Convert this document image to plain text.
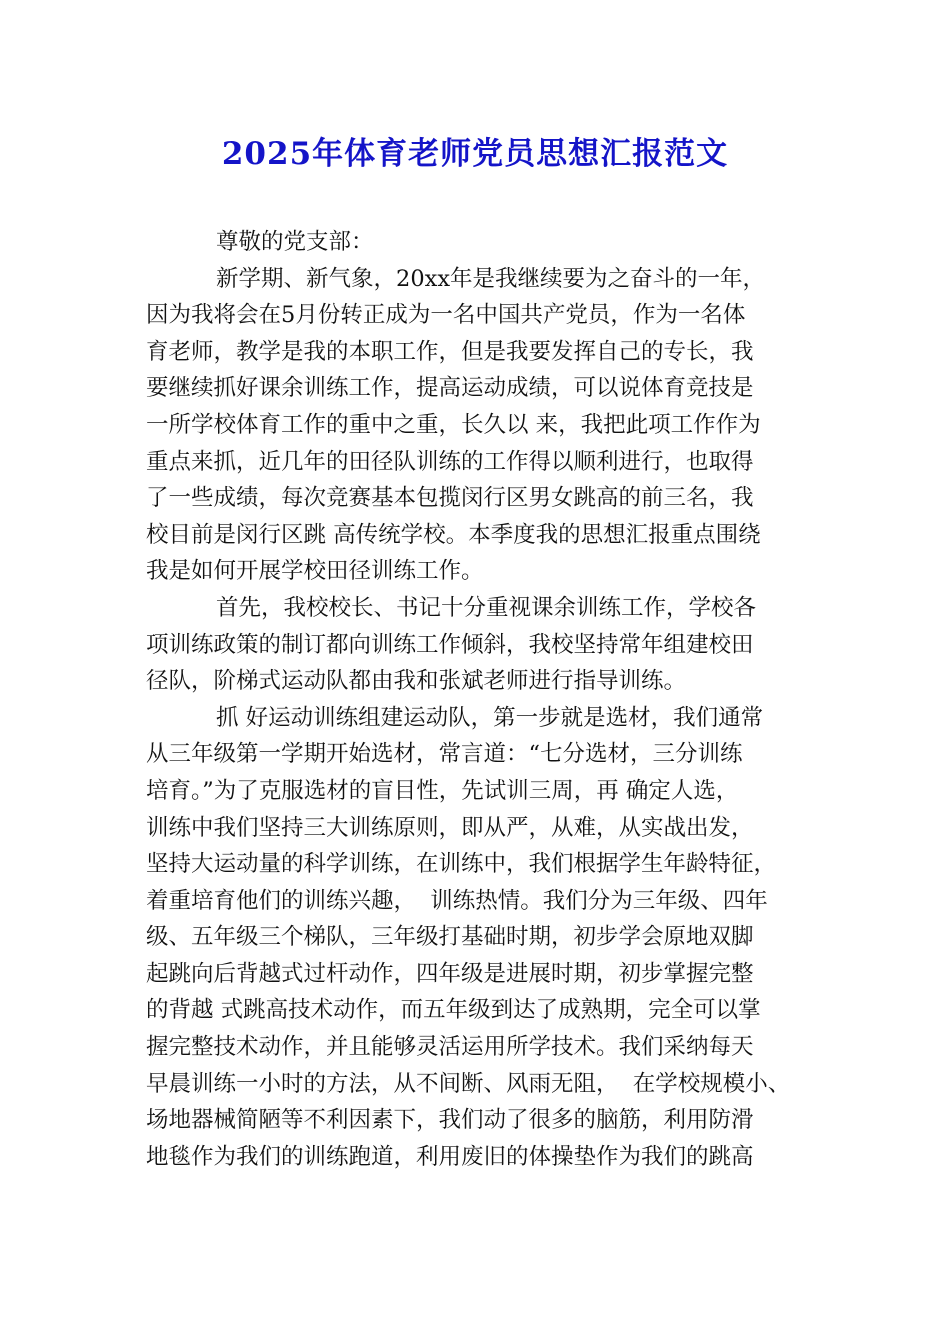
2025年体育老师党员思想汇报范文
尊敬的党支部：
新学期、新气象，20xx年是我继续要为之奋斗的一年，
因为我将会在5月份转正成为一名中国共产党员，作为一名体
育老师，教学是我的本职工作，但是我要发挥自己的专长，我
要继续抓好课余训练工作，提高运动成绩，可以说体育竞技是
一所学校体育工作的重中之重，长久以 来，我把此项工作作为
重点来抓，近几年的田径队训练的工作得以顺利进行，也取得
了一些成绩，每次竞赛基本包揽闵行区男女跳高的前三名，我
校目前是闵行区跳 高传统学校。本季度我的思想汇报重点围绕
我是如何开展学校田径训练工作。
首先，我校校长、书记十分重视课余训练工作，学校各
项训练政策的制订都向训练工作倾斜，我校坚持常年组建校田
径队，阶梯式运动队都由我和张斌老师进行指导训练。
抓 好运动训练组建运动队，第一步就是选材，我们通常
从三年级第一学期开始选材，常言道：“七分选材，三分训练
培育。”为了克服选材的盲目性，先试训三周，再 确定人选，
训练中我们坚持三大训练原则，即从严，从难，从实战出发，
坚持大运动量的科学训练，在训练中，我们根据学生年龄特征，
着重培育他们的训练兴趣，  训练热情。我们分为三年级、四年
级、五年级三个梯队，三年级打基础时期，初步学会原地双脚
起跳向后背越式过杆动作，四年级是进展时期，初步掌握完整
的背越 式跳高技术动作，而五年级到达了成熟期，完全可以掌
握完整技术动作，并且能够灵活运用所学技术。我们采纳每天
早晨训练一小时的方法，从不间断、风雨无阻，  在学校规模小、
场地器械简陋等不利因素下，我们动了很多的脑筋，利用防滑
地毯作为我们的训练跑道，利用废旧的体操垫作为我们的跳高
